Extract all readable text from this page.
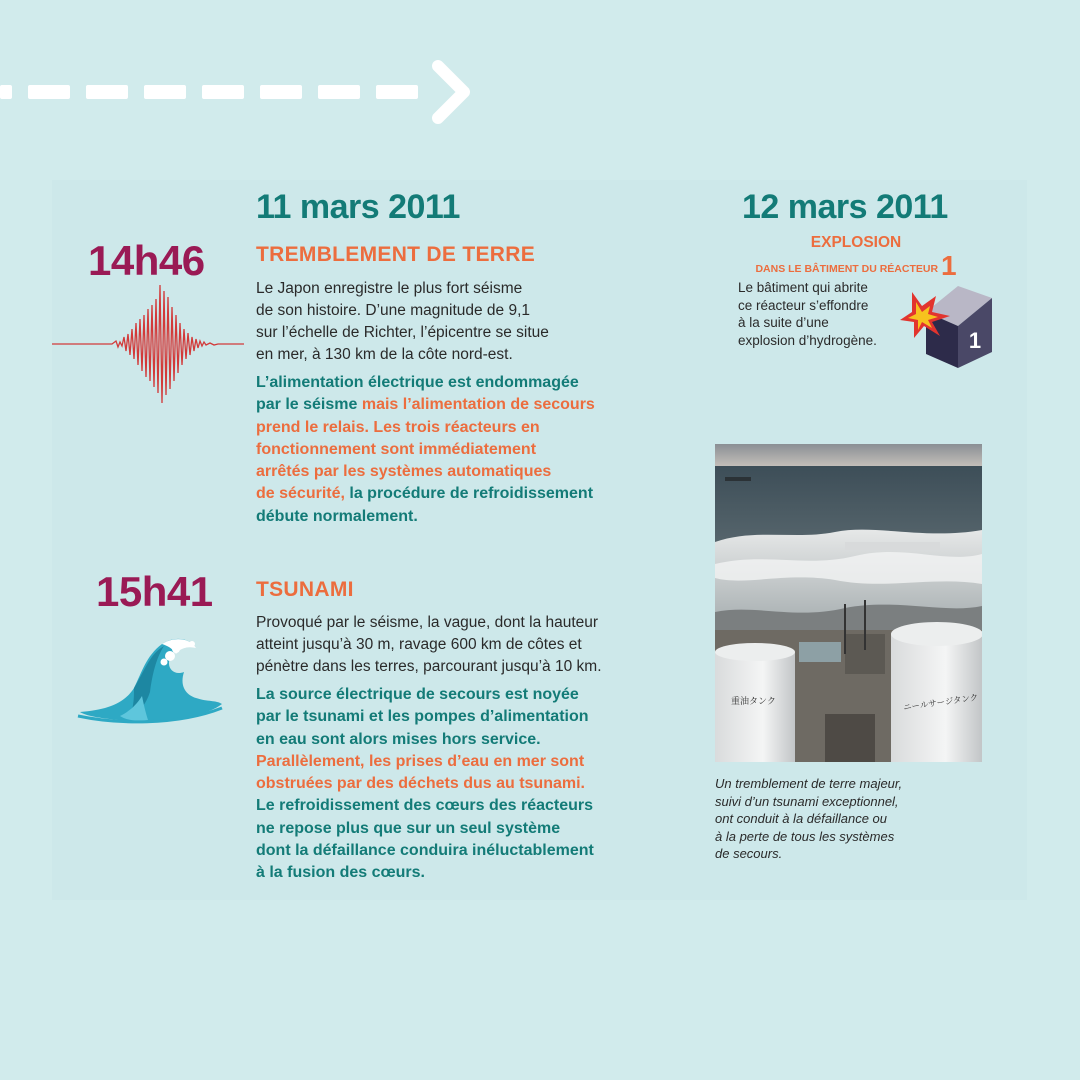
11 mars 2011
14h46 TREMBLEMENT DE TERRE

Le Japon enregistre le plus fort séisme
de son histoire. D’une magnitude de 9,1
sur l’échelle de Richter, l’épicentre se situe
en mer, à 130 km de la côte nord-est.

L’alimentation électrique est endommagée
par le séisme mais l’alimentation de secours
prend le relais. Les trois réacteurs en
fonctionnement sont immédiatement
arrêtés par les systèmes automatiques
de sécurité, la procédure de refroidissement
débute normalement.

15h41 TSUNAMI

Provoqué par le séisme, la vague, dont la hauteur
atteint jusqu’à 30 m, ravage 600 km de côtes et
pénètre dans les terres, parcourant jusqu’à 10 km.

La source électrique de secours est noyée
par le tsunami et les pompes d’alimentation
en eau sont alors mises hors service.
Parallèlement, les prises d’eau en mer sont
obstruées par des déchets dus au tsunami.
Le refroidissement des cœurs des réacteurs
ne repose plus que sur un seul système
dont la défaillance conduira inéluctablement
à la fusion des cœurs.

12 mars 2011
EXPLOSION
DANS LE BÂTIMENT DU RÉACTEUR 1

Le bâtiment qui abrite
ce réacteur s’effondre
à la suite d’une
explosion d’hydrogène.	1
重油タンク	ニールサージタンク

Un tremblement de terre majeur,
suivi d’un tsunami exceptionnel,
ont conduit à la défaillance ou
à la perte de tous les systèmes
de secours.
